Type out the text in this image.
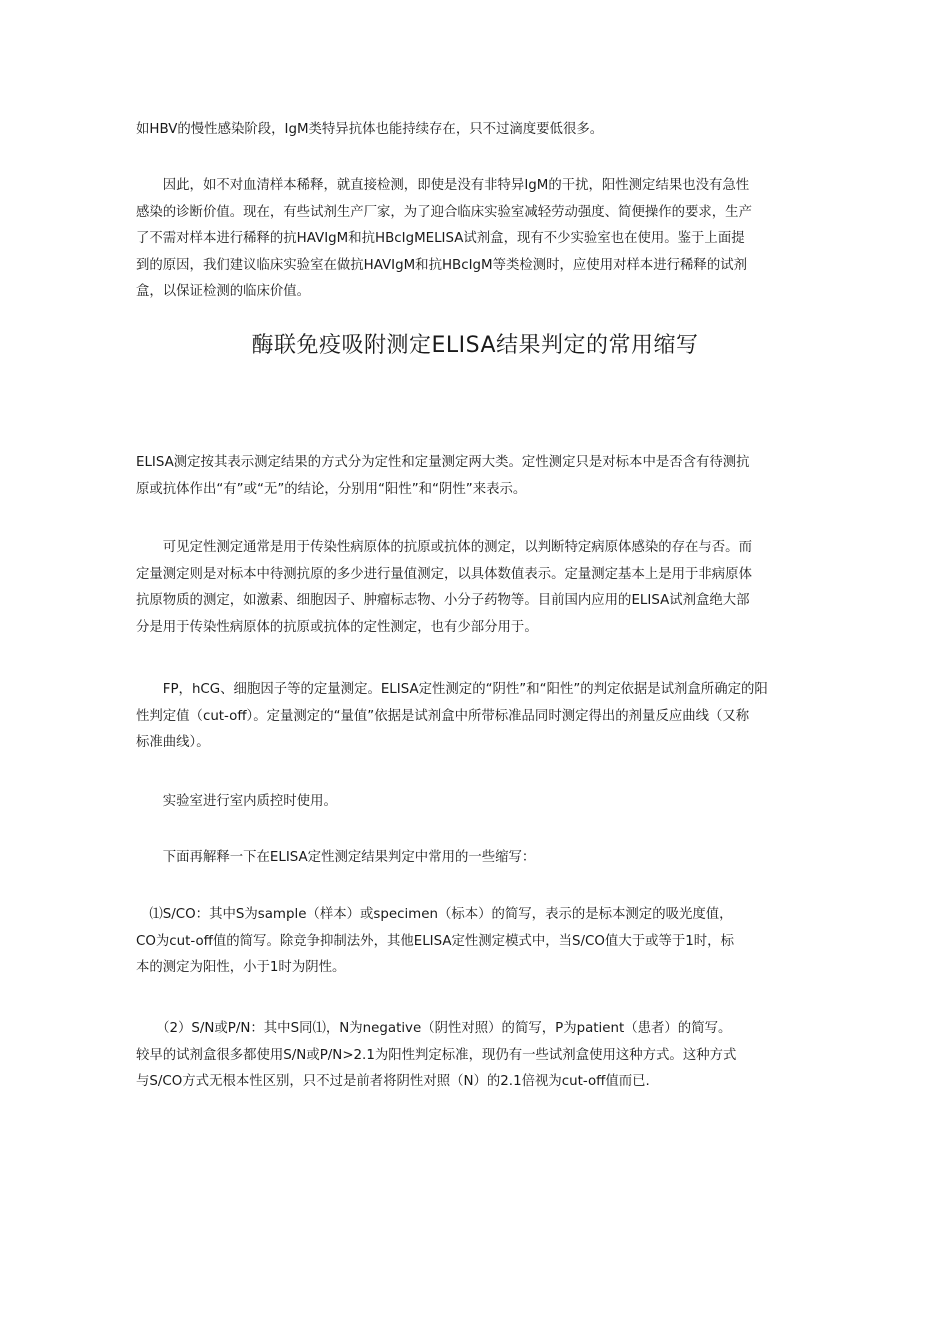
如HBV的慢性感染阶段，IgM类特异抗体也能持续存在，只不过滴度要低很多。
　　因此，如不对血清样本稀释，就直接检测，即使是没有非特异IgM的干扰，阳性测定结果也没有急性
感染的诊断价值。现在，有些试剂生产厂家，为了迎合临床实验室减轻劳动强度、简便操作的要求，生产
了不需对样本进行稀释的抗HAVIgM和抗HBcIgMELISA试剂盒，现有不少实验室也在使用。鉴于上面提
到的原因，我们建议临床实验室在做抗HAVIgM和抗HBcIgM等类检测时，应使用对样本进行稀释的试剂
盒，以保证检测的临床价值。
酶联免疫吸附测定ELISA结果判定的常用缩写
ELISA测定按其表示测定结果的方式分为定性和定量测定两大类。定性测定只是对标本中是否含有待测抗
原或抗体作出“有”或“无”的结论，分别用“阳性”和“阴性”来表示。
　　可见定性测定通常是用于传染性病原体的抗原或抗体的测定，以判断特定病原体感染的存在与否。而
定量测定则是对标本中待测抗原的多少进行量值测定，以具体数值表示。定量测定基本上是用于非病原体
抗原物质的测定，如激素、细胞因子、肿瘤标志物、小分子药物等。目前国内应用的ELISA试剂盒绝大部
分是用于传染性病原体的抗原或抗体的定性测定，也有少部分用于。
　　FP，hCG、细胞因子等的定量测定。ELISA定性测定的“阴性”和“阳性”的判定依据是试剂盒所确定的阳
性判定值（cut-off）。定量测定的“量值”依据是试剂盒中所带标准品同时测定得出的剂量反应曲线（又称
标准曲线）。
　　实验室进行室内质控时使用。
　　下面再解释一下在ELISA定性测定结果判定中常用的一些缩写：
　⑴S/CO：其中S为sample（样本）或specimen（标本）的简写，表示的是标本测定的吸光度值，
CO为cut-off值的简写。除竞争抑制法外，其他ELISA定性测定模式中，当S/CO值大于或等于1时，标
本的测定为阳性，小于1时为阴性。
　　（2）S/N或P/N：其中S同⑴，N为negative（阴性对照）的简写，P为patient（患者）的简写。
较早的试剂盒很多都使用S/N或P/N>2.1为阳性判定标准，现仍有一些试剂盒使用这种方式。这种方式
与S/CO方式无根本性区别，只不过是前者将阴性对照（N）的2.1倍视为cut-off值而已.
